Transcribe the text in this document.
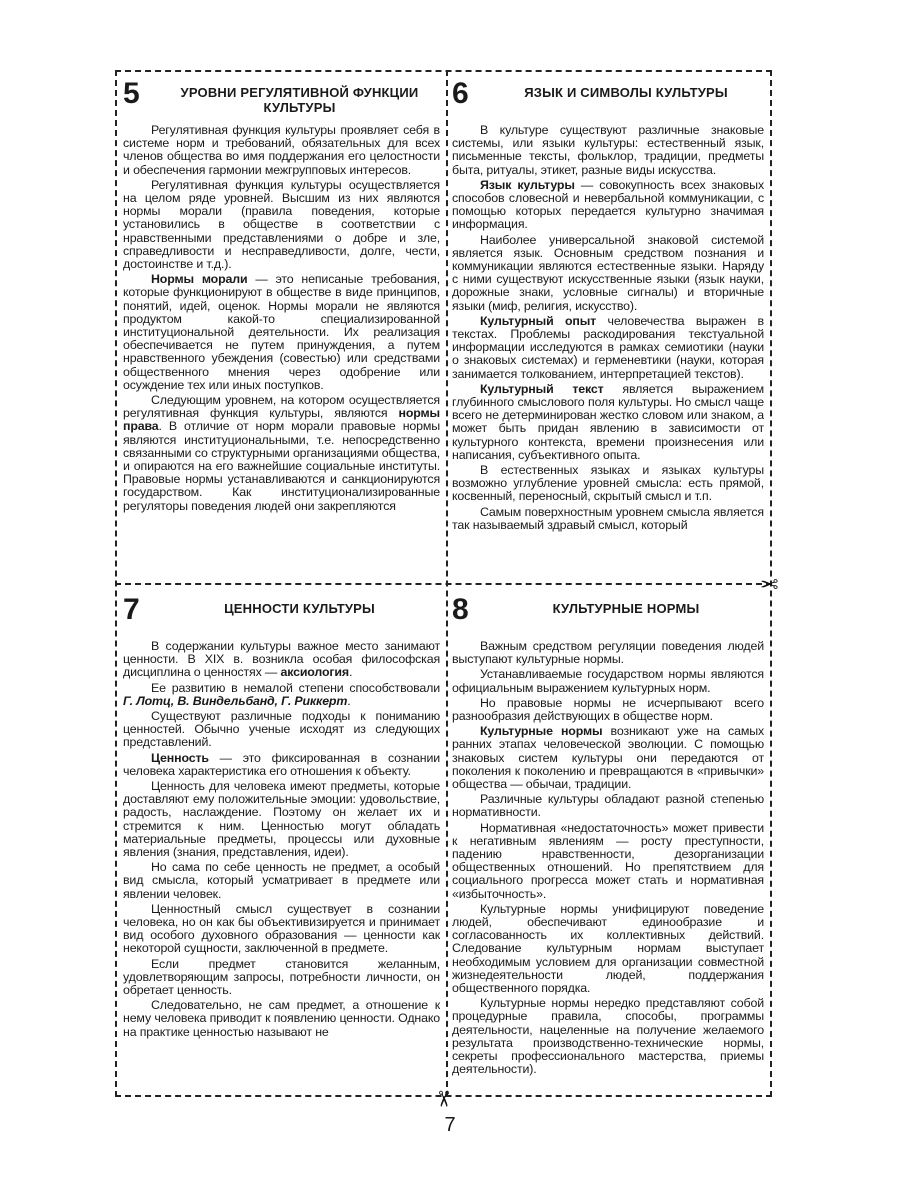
✂
✂
5	УРОВНИ РЕГУЛЯТИВНОЙ ФУНКЦИИ КУЛЬТУРЫ

Регулятивная функция культуры проявляет себя в системе норм и требований, обязательных для всех членов общества во имя поддержания его целостности и обеспечения гармонии межгрупповых интересов.

Регулятивная функция культуры осуществляется на целом ряде уровней. Высшим из них являются нормы морали (правила поведения, которые установились в обществе в соответствии с нравственными представлениями о добре и зле, справедливости и несправедливости, долге, чести, достоинстве и т.д.).

Нормы морали — это неписаные требования, которые функционируют в обществе в виде принципов, понятий, идей, оценок. Нормы морали не являются продуктом какой-то специализированной институциональной деятельности. Их реализация обеспечивается не путем принуждения, а путем нравственного убеждения (совестью) или средствами общественного мнения через одобрение или осуждение тех или иных поступков.

Следующим уровнем, на котором осуществляется регулятивная функция культуры, являются нормы права. В отличие от норм морали правовые нормы являются институциональными, т.е. непосредственно связанными со структурными организациями общества, и опираются на его важнейшие социальные институты. Правовые нормы устанавливаются и санкционируются государством. Как институционализированные регуляторы поведения людей они закрепляются

6	ЯЗЫК И СИМВОЛЫ КУЛЬТУРЫ

В культуре существуют различные знаковые системы, или языки культуры: естественный язык, письменные тексты, фольклор, традиции, предметы быта, ритуалы, этикет, разные виды искусства.

Язык культуры — совокупность всех знаковых способов словесной и невербальной коммуникации, с помощью которых передается культурно значимая информация.

Наиболее универсальной знаковой системой является язык. Основным средством познания и коммуникации являются естественные языки. Наряду с ними существуют искусственные языки (язык науки, дорожные знаки, условные сигналы) и вторичные языки (миф, религия, искусство).

Культурный опыт человечества выражен в текстах. Проблемы раскодирования текстуальной информации исследуются в рамках семиотики (науки о знаковых системах) и герменевтики (науки, которая занимается толкованием, интерпретацией текстов).

Культурный текст является выражением глубинного смыслового поля культуры. Но смысл чаще всего не детерминирован жестко словом или знаком, а может быть придан явлению в зависимости от культурного контекста, времени произнесения или написания, субъективного опыта.

В естественных языках и языках культуры возможно углубление уровней смысла: есть прямой, косвенный, переносный, скрытый смысл и т.п.

Самым поверхностным уровнем смысла является так называемый здравый смысл, который

7	ЦЕННОСТИ КУЛЬТУРЫ

В содержании культуры важное место занимают ценности. В XIX в. возникла особая философская дисциплина о ценностях — аксиология.

Ее развитию в немалой степени способствовали Г. Лотц, В. Виндельбанд, Г. Риккерт.

Существуют различные подходы к пониманию ценностей. Обычно ученые исходят из следующих представлений.

Ценность — это фиксированная в сознании человека характеристика его отношения к объекту.

Ценность для человека имеют предметы, которые доставляют ему положительные эмоции: удовольствие, радость, наслаждение. Поэтому он желает их и стремится к ним. Ценностью могут обладать материальные предметы, процессы или духовные явления (знания, представления, идеи).

Но сама по себе ценность не предмет, а особый вид смысла, который усматривает в предмете или явлении человек.

Ценностный смысл существует в сознании человека, но он как бы объективизируется и принимает вид особого духовного образования — ценности как некоторой сущности, заключенной в предмете.

Если предмет становится желанным, удовлетворяющим запросы, потребности личности, он обретает ценность.

Следовательно, не сам предмет, а отношение к нему человека приводит к появлению ценности. Однако на практике ценностью называют не

8	КУЛЬТУРНЫЕ НОРМЫ

Важным средством регуляции поведения людей выступают культурные нормы.

Устанавливаемые государством нормы являются официальным выражением культурных норм.

Но правовые нормы не исчерпывают всего разнообразия действующих в обществе норм.

Культурные нормы возникают уже на самых ранних этапах человеческой эволюции. С помощью знаковых систем культуры они передаются от поколения к поколению и превращаются в «привычки» общества — обычаи, традиции.

Различные культуры обладают разной степенью нормативности.

Нормативная «недостаточность» может привести к негативным явлениям — росту преступности, падению нравственности, дезорганизации общественных отношений. Но препятствием для социального прогресса может стать и нормативная «избыточность».

Культурные нормы унифицируют поведение людей, обеспечивают единообразие и согласованность их коллективных действий. Следование культурным нормам выступает необходимым условием для организации совместной жизнедеятельности людей, поддержания общественного порядка.

Культурные нормы нередко представляют собой процедурные правила, способы, программы деятельности, нацеленные на получение желаемого результата производственно-технические нормы, секреты профессионального мастерства, приемы деятельности).

7
